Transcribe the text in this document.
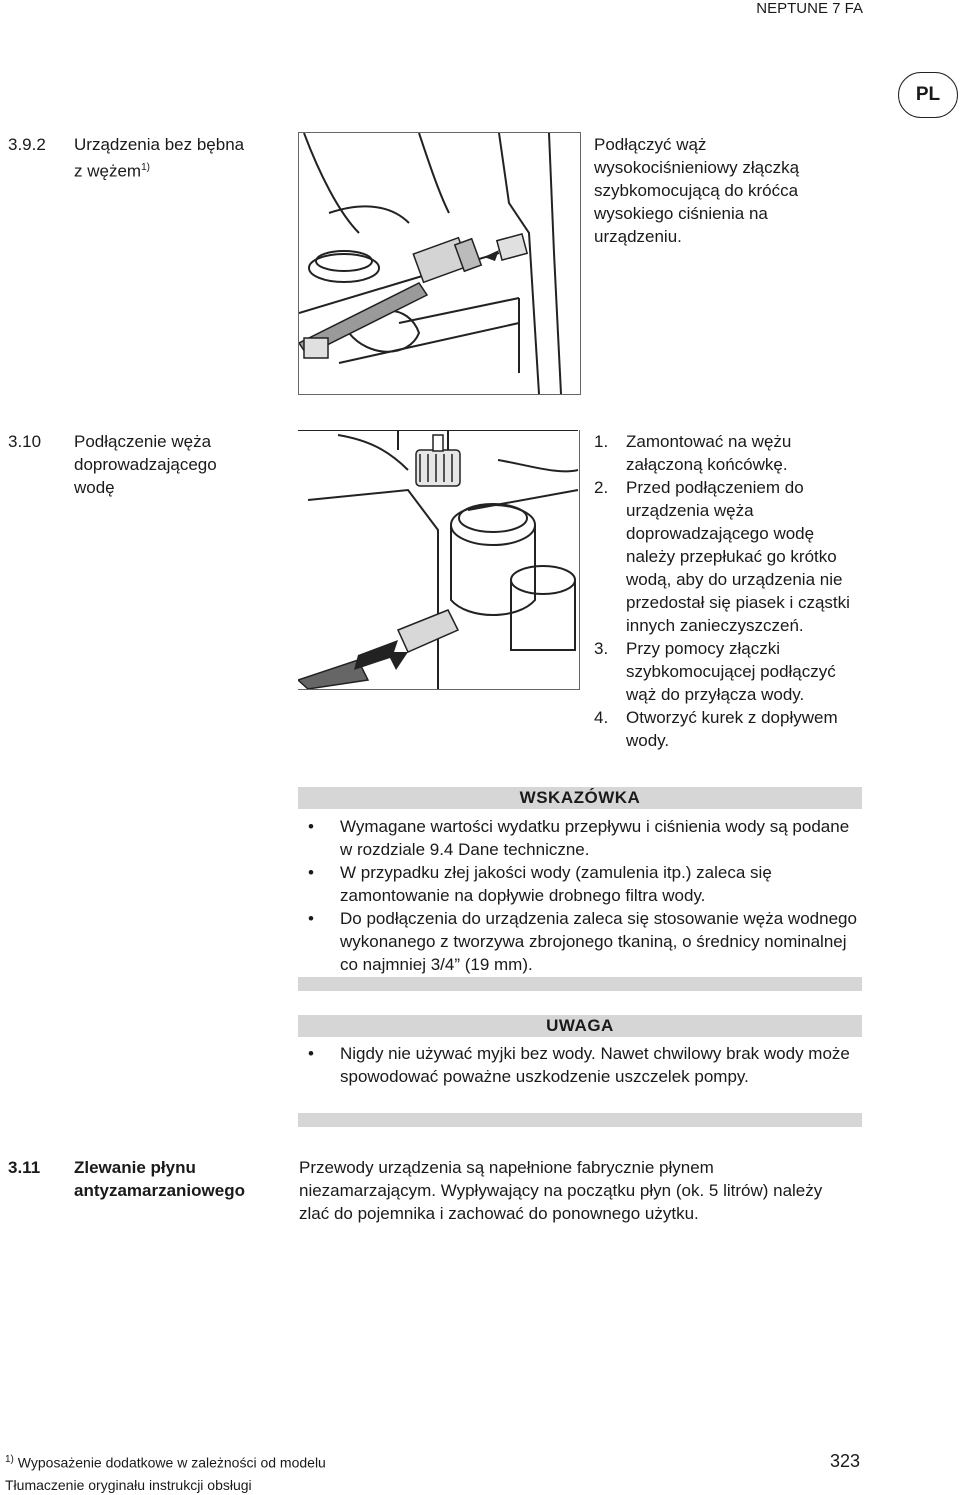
NEPTUNE 7 FA
PL
3.9.2 Urządzenia bez bębna
z wężem$^{1)}$
Podłączyć wąż wysokociśnieniowy złączką szybkomocującą do króćca wysokiego ciśnienia na urządzeniu.
3.10 Podłączenie węża doprowadzającego wodę
1.	Zamontować na wężu załączoną końcówkę.
2.	Przed podłączeniem do urządzenia węża doprowadzającego wodę należy przepłukać go krótko wodą, aby do urządzenia nie przedostał się piasek i cząstki innych zanieczyszczeń.
3.	Przy pomocy złączki szybkomocującej podłączyć wąż do przyłącza wody.
4.	Otworzyć kurek z dopływem wody.
WSKAZÓWKA
• Wymagane wartości wydatku przepływu i ciśnienia wody są podane w rozdziale 9.4 Dane techniczne.
• W przypadku złej jakości wody (zamulenia itp.) zaleca się zamontowanie na dopływie drobnego filtra wody.
• Do podłączenia do urządzenia zaleca się stosowanie węża wodnego wykonanego z tworzywa zbrojonego tkaniną, o średnicy nominalnej co najmniej 3/4” (19 mm).
UWAGA
• Nigdy nie używać myjki bez wody. Nawet chwilowy brak wody może spowodować poważne uszkodzenie uszczelek pompy.
3.11 Zlewanie płynu antyzamarzaniowego
Przewody urządzenia są napełnione fabrycznie płynem niezamarzającym. Wypływający na początku płyn (ok. 5 litrów) należy zlać do pojemnika i zachować do ponownego użytku.
$^{1)}$ Wyposażenie dodatkowe w zależności od modelu
Tłumaczenie oryginału instrukcji obsługi
323
